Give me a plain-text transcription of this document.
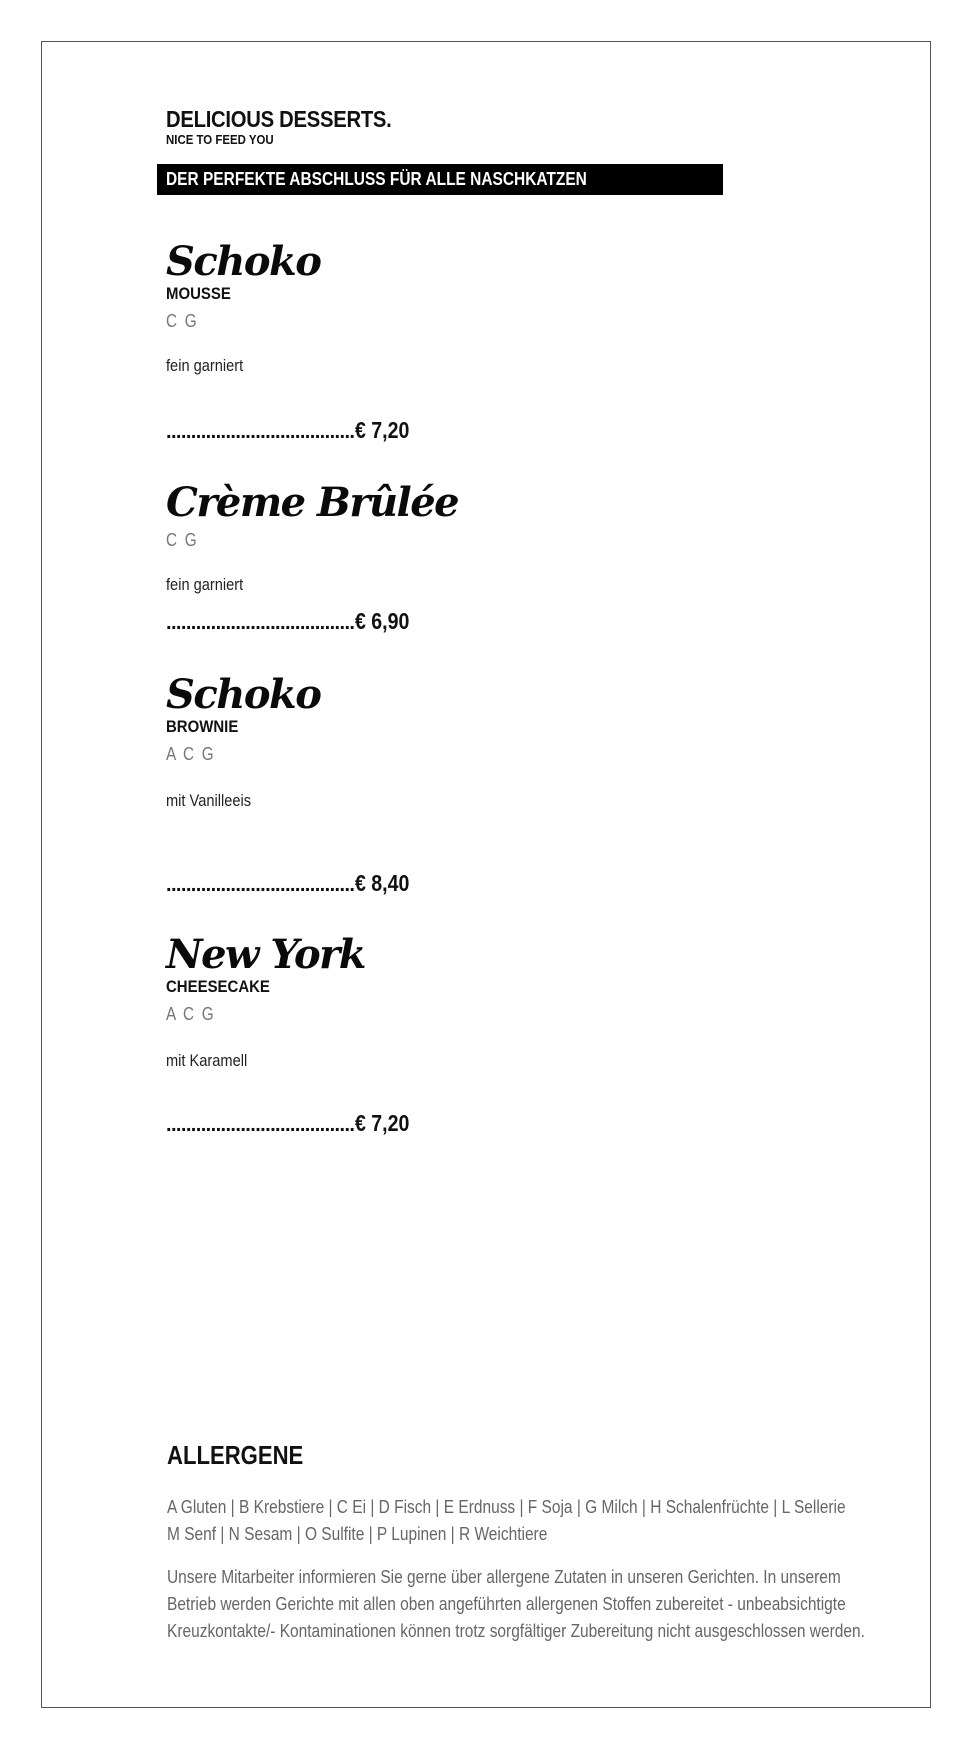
DELICIOUS DESSERTS.
NICE TO FEED YOU
DER PERFEKTE ABSCHLUSS FÜR ALLE NASCHKATZEN
Schoko
MOUSSE
C G
fein garniert
...................................... € 7,20
Crème Brûlée
C G
fein garniert
...................................... € 6,90
Schoko
BROWNIE
A C G
mit Vanilleeis
...................................... € 8,40
New York
CHEESECAKE
A C G
mit Karamell
...................................... € 7,20
ALLERGENE
A Gluten | B Krebstiere | C Ei | D Fisch | E Erdnuss | F Soja | G Milch | H Schalenfrüchte | L Sellerie
M Senf | N Sesam | O Sulfite | P Lupinen | R Weichtiere
Unsere Mitarbeiter informieren Sie gerne über allergene Zutaten in unseren Gerichten. In unserem
Betrieb werden Gerichte mit allen oben angeführten allergenen Stoffen zubereitet - unbeabsichtigte
Kreuzkontakte/- Kontaminationen können trotz sorgfältiger Zubereitung nicht ausgeschlossen werden.
